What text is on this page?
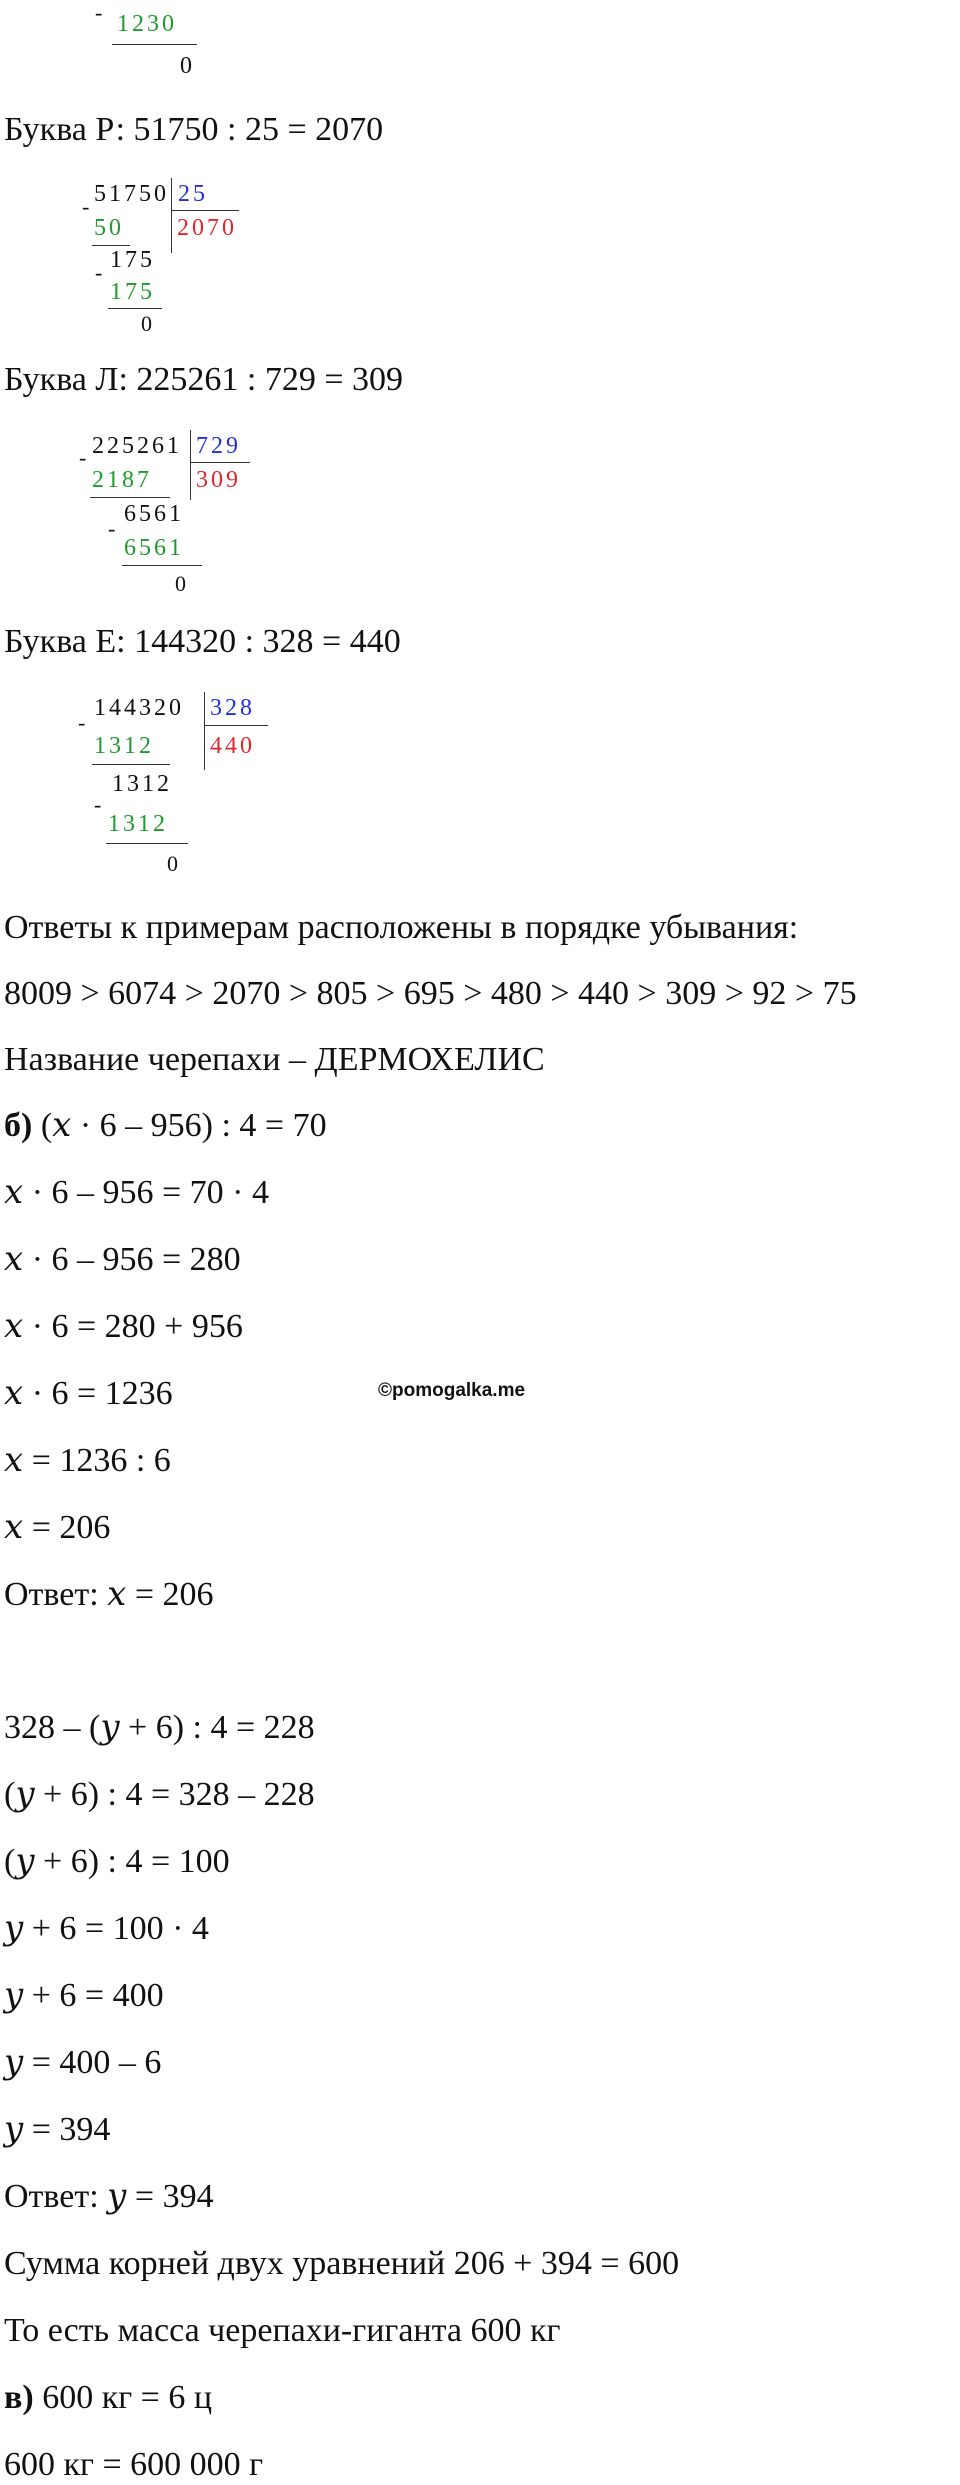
- 1230
0
Буква Р: 51750 : 25 = 2070
51750 25
2070
-
50
175
-
175
0
Буква Л: 225261 : 729 = 309
225261 729
309
-
2187
6561
-
6561
0
Буква Е: 144320 : 328 = 440
144320 328
440
-
1312
1312
-
1312
0
Ответы к примерам расположены в порядке убывания:
8009 > 6074 > 2070 > 805 > 695 > 480 > 440 > 309 > 92 > 75
Название черепахи – ДЕРМОХЕЛИС
б) (𝑥 · 6 – 956) : 4 = 70
𝑥 · 6 – 956 = 70 · 4
𝑥 · 6 – 956 = 280
𝑥 · 6 = 280 + 956
𝑥 · 6 = 1236	©pomogalka.me
𝑥 = 1236 : 6
𝑥 = 206
Ответ: 𝑥 = 206
328 – (𝑦 + 6) : 4 = 228
(𝑦 + 6) : 4 = 328 – 228
(𝑦 + 6) : 4 = 100
𝑦 + 6 = 100 · 4
𝑦 + 6 = 400
𝑦 = 400 – 6
𝑦 = 394
Ответ: 𝑦 = 394
Сумма корней двух уравнений 206 + 394 = 600
То есть масса черепахи-гиганта 600 кг
в) 600 кг = 6 ц
600 кг = 600 000 г
